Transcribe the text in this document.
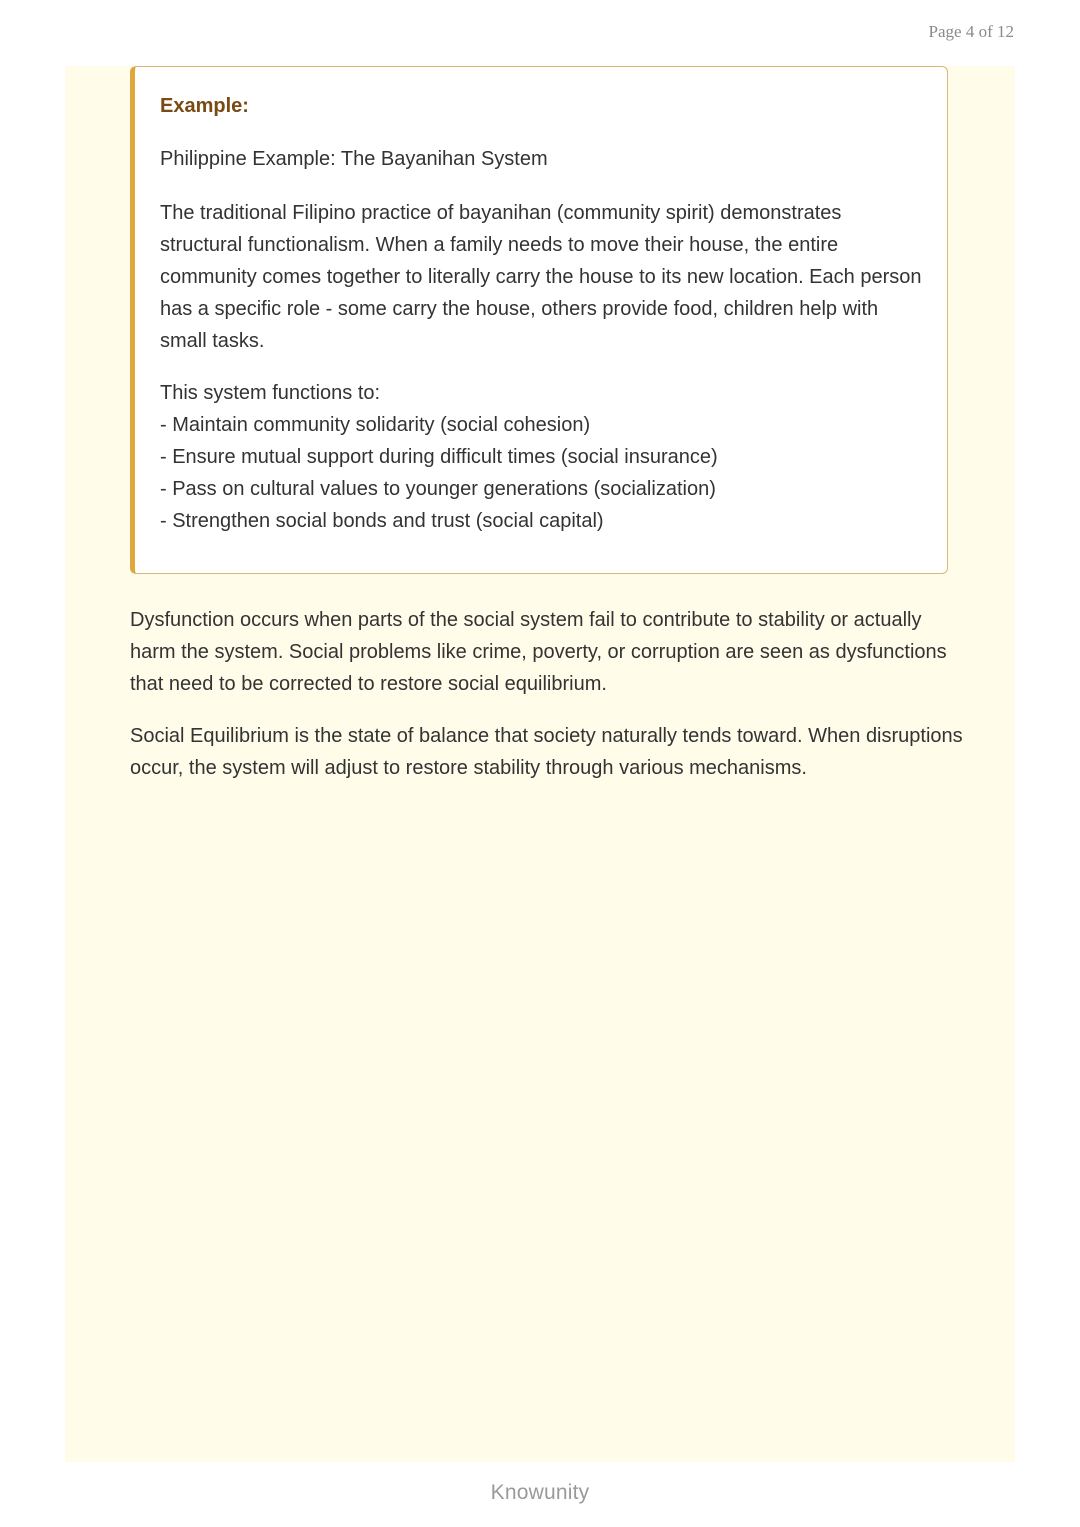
Page 4 of 12

Example:

Philippine Example: The Bayanihan System

The traditional Filipino practice of bayanihan (community spirit) demonstrates structural functionalism. When a family needs to move their house, the entire community comes together to literally carry the house to its new location. Each person has a specific role - some carry the house, others provide food, children help with small tasks.

This system functions to:

- Maintain community solidarity (social cohesion)

- Ensure mutual support during difficult times (social insurance)

- Pass on cultural values to younger generations (socialization)

- Strengthen social bonds and trust (social capital)

Dysfunction occurs when parts of the social system fail to contribute to stability or actually harm the system. Social problems like crime, poverty, or corruption are seen as dysfunctions that need to be corrected to restore social equilibrium.

Social Equilibrium is the state of balance that society naturally tends toward. When disruptions occur, the system will adjust to restore stability through various mechanisms.

Knowunity
